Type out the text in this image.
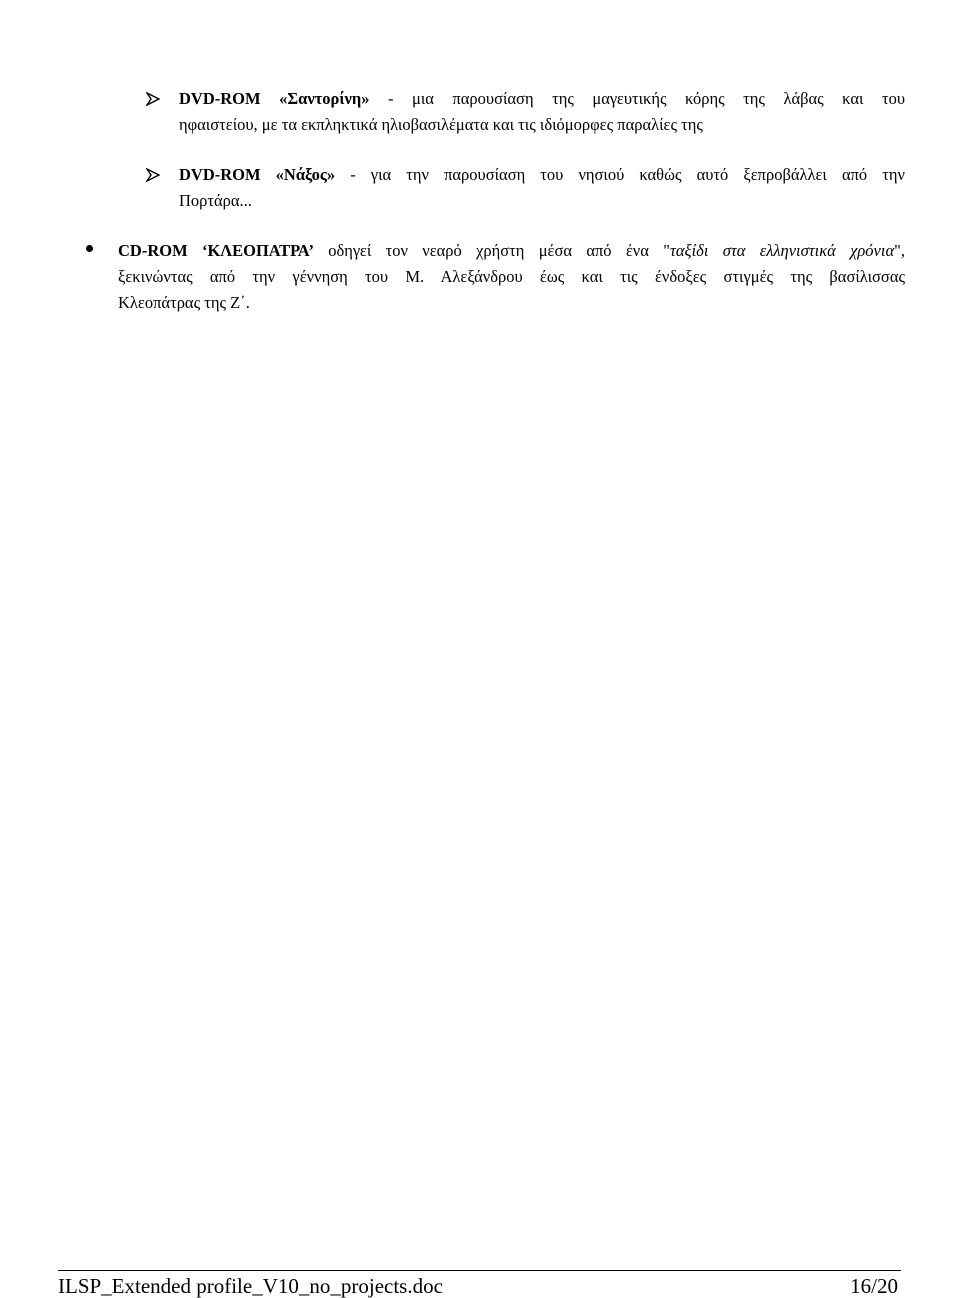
DVD-ROM «Σαντορίνη» - μια παρουσίαση της μαγευτικής κόρης της λάβας και του
ηφαιστείου, με τα εκπληκτικά ηλιοβασιλέματα και τις ιδιόμορφες παραλίες της
DVD-ROM «Νάξος» - για την παρουσίαση του νησιού καθώς αυτό ξεπροβάλλει από την
Πορτάρα...
CD-ROM ‘ΚΛΕΟΠΑΤΡΑ’ οδηγεί τον νεαρό χρήστη μέσα από ένα "ταξίδι στα ελληνιστικά χρόνια",
ξεκινώντας από την γέννηση του Μ. Αλεξάνδρου έως και τις ένδοξες στιγμές της βασίλισσας
Κλεοπάτρας της Ζ΄.
ILSP_Extended profile_V10_no_projects.doc	16/20
